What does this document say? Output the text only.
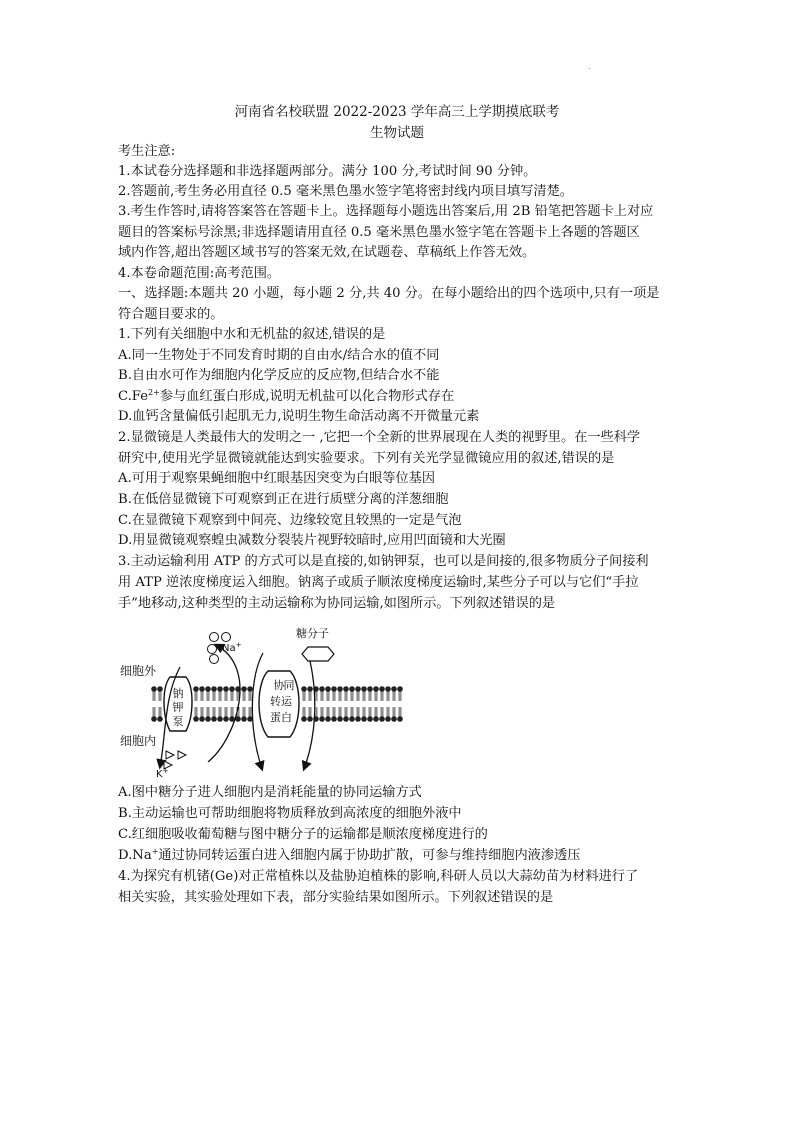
.
河南省名校联盟 2022-2023 学年高三上学期摸底联考
生物试题
考生注意:
1.本试卷分选择题和非选择题两部分。满分 100 分,考试时间 90 分钟。
2.答题前,考生务必用直径 0.5 毫米黑色墨水签字笔将密封线内项目填写清楚。
3.考生作答时,请将答案答在答题卡上。选择题每小题选出答案后,用 2B 铅笔把答题卡上对应
题目的答案标号涂黑;非选择题请用直径 0.5 毫米黑色墨水签字笔在答题卡上各题的答题区
域内作答,超出答题区域书写的答案无效,在试题卷、草稿纸上作答无效。
4.本卷命题范围:高考范围。
一、选择题:本题共 20 小题，每小题 2 分,共 40 分。在每小题给出的四个选项中,只有一项是
符合题目要求的。
1.下列有关细胞中水和无机盐的叙述,错误的是
A.同一生物处于不同发育时期的自由水/结合水的值不同
B.自由水可作为细胞内化学反应的反应物,但结合水不能
$C.Fe^{2+}$参与血红蛋白形成,说明无机盐可以化合物形式存在
D.血钙含量偏低引起肌无力,说明生物生命活动离不开微量元素
2.显微镜是人类最伟大的发明之一 ,它把一个全新的世界展现在人类的视野里。在一些科学
研究中,使用光学显微镜就能达到实验要求。下列有关光学显微镜应用的叙述,错误的是
A.可用于观察果蝇细胞中红眼基因突变为白眼等位基因
B.在低倍显微镜下可观察到正在进行质壁分离的洋葱细胞
C.在显微镜下观察到中间亮、边缘较宽且较黑的一定是气泡
D.用显微镜观察蝗虫减数分裂装片视野较暗时,应用凹面镜和大光圈
3.主动运输利用 ATP 的方式可以是直接的,如钠钾泵，也可以是间接的,很多物质分子间接利
用 ATP 逆浓度梯度运入细胞。钠离子或质子顺浓度梯度运输时,某些分子可以与它们“手拉
手”地移动,这种类型的主动运输称为协同运输,如图所示。下列叙述错误的是
钠
钾
泵
协 同
转 运
蛋 白
Na+
糖分子
细胞外
细胞内
K+
A.图中糖分子进人细胞内是消耗能量的协同运输方式
B.主动运输也可帮助细胞将物质释放到高浓度的细胞外液中
C.红细胞吸收葡萄糖与图中糖分子的运输都是顺浓度梯度进行的
D.Na+通过协同转运蛋白进入细胞内属于协助扩散，可参与维持细胞内液渗透压
4.为探究有机锗(Ge)对正常植株以及盐胁迫植株的影响,科研人员以大蒜幼苗为材料进行了
相关实验，其实验处理如下表，部分实验结果如图所示。下列叙述错误的是
